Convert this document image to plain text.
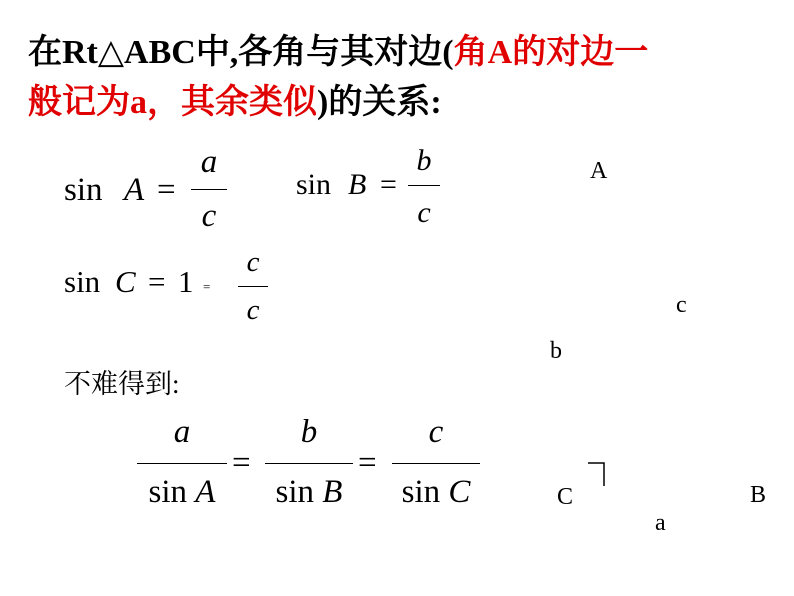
在Rt△ABC中,各角与其对边(角A的对边一
般记为a，其余类似)的关系:
sin A =
a
c
sin B =
b
c
sin C = 1 =
c
c
不难得到:
a
sin A
=
b
sin B
=
c
sin C
A
c
b
C	B
a
